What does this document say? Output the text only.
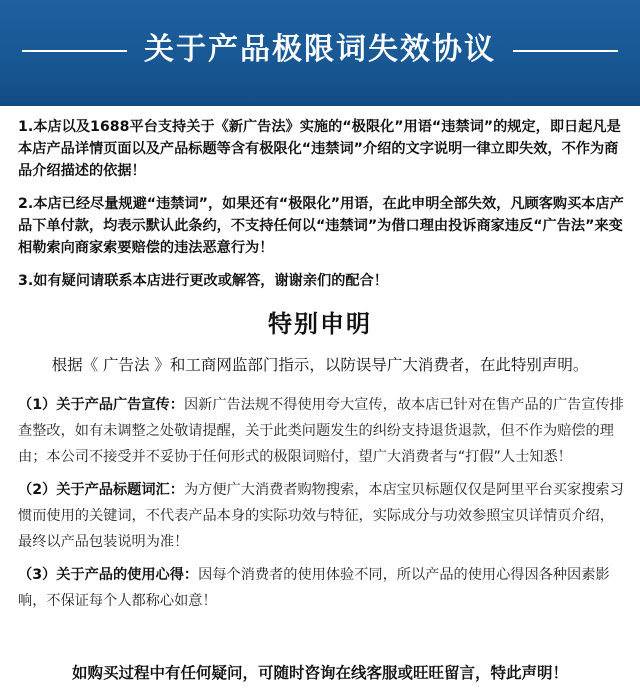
关于产品极限词失效协议

1.本店以及1688平台支持关于《新广告法》实施的“极限化”用语“违禁词”的规定，即日起凡是本店产品详情页面以及产品标题等含有极限化“违禁词”介绍的文字说明一律立即失效，不作为商品介绍描述的依据！

2.本店已经尽量规避“违禁词”，如果还有“极限化”用语，在此申明全部失效，凡顾客购买本店产品下单付款，均表示默认此条约，不支持任何以“违禁词”为借口理由投诉商家违反“广告法”来变相勒索向商家索要赔偿的违法恶意行为！

3.如有疑问请联系本店进行更改或解答，谢谢亲们的配合！

特别申明
根据《 广告法 》和工商网监部门指示，以防误导广大消费者，在此特别声明。

（1）关于产品广告宣传：因新广告法规不得使用夸大宣传，故本店已针对在售产品的广告宣传排查整改，如有未调整之处敬请提醒，关于此类问题发生的纠纷支持退货退款，但不作为赔偿的理由；本公司不接受并不妥协于任何形式的极限词赔付，望广大消费者与“打假”人士知悉！

（2）关于产品标题词汇：为方便广大消费者购物搜索，本店宝贝标题仅仅是阿里平台买家搜索习惯而使用的关键词，不代表产品本身的实际功效与特征，实际成分与功效参照宝贝详情页介绍，最终以产品包装说明为准！

（3）关于产品的使用心得：因每个消费者的使用体验不同，所以产品的使用心得因各种因素影响，不保证每个人都称心如意！

如购买过程中有任何疑问，可随时咨询在线客服或旺旺留言，特此声明！
